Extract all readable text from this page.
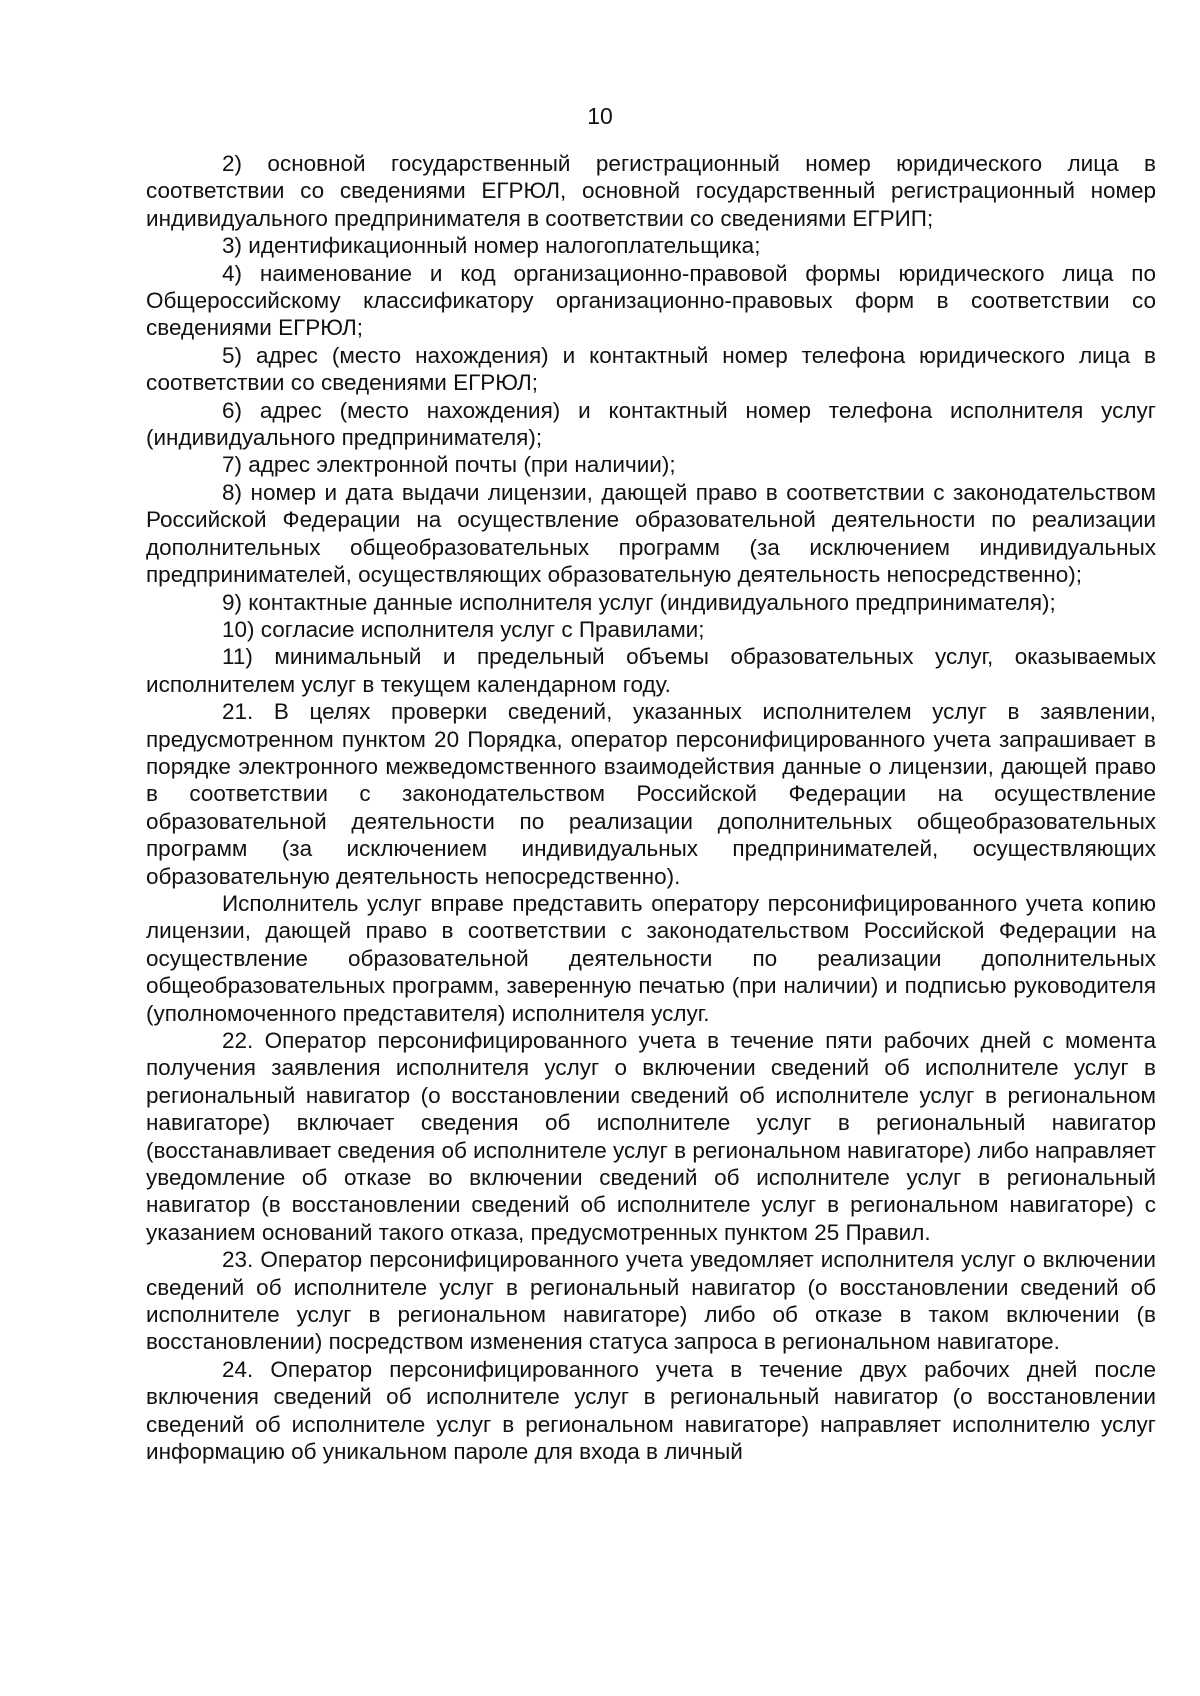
10

2) основной государственный регистрационный номер юридического лица в соответствии со сведениями ЕГРЮЛ, основной государственный регистрационный номер индивидуального предпринимателя в соответствии со сведениями ЕГРИП;

3) идентификационный номер налогоплательщика;

4) наименование и код организационно-правовой формы юридического лица по Общероссийскому классификатору организационно-правовых форм в соответствии со сведениями ЕГРЮЛ;

5) адрес (место нахождения) и контактный номер телефона юридического лица в соответствии со сведениями ЕГРЮЛ;

6) адрес (место нахождения) и контактный номер телефона исполнителя услуг (индивидуального предпринимателя);

7) адрес электронной почты (при наличии);

8) номер и дата выдачи лицензии, дающей право в соответствии с законодательством Российской Федерации на осуществление образовательной деятельности по реализации дополнительных общеобразовательных программ (за исключением индивидуальных предпринимателей, осуществляющих образовательную деятельность непосредственно);

9) контактные данные исполнителя услуг (индивидуального предпринимателя);

10) согласие исполнителя услуг с Правилами;

11) минимальный и предельный объемы образовательных услуг, оказываемых исполнителем услуг в текущем календарном году.

21. В целях проверки сведений, указанных исполнителем услуг в заявлении, предусмотренном пунктом 20 Порядка, оператор персонифицированного учета запрашивает в порядке электронного межведомственного взаимодействия данные о лицензии, дающей право в соответствии с законодательством Российской Федерации на осуществление образовательной деятельности по реализации дополнительных общеобразовательных программ (за исключением индивидуальных предпринимателей, осуществляющих образовательную деятельность непосредственно).

Исполнитель услуг вправе представить оператору персонифицированного учета копию лицензии, дающей право в соответствии с законодательством Российской Федерации на осуществление образовательной деятельности по реализации дополнительных общеобразовательных программ, заверенную печатью (при наличии) и подписью руководителя (уполномоченного представителя) исполнителя услуг.

22. Оператор персонифицированного учета в течение пяти рабочих дней с момента получения заявления исполнителя услуг о включении сведений об исполнителе услуг в региональный навигатор (о восстановлении сведений об исполнителе услуг в региональном навигаторе) включает сведения об исполнителе услуг в региональный навигатор (восстанавливает сведения об исполнителе услуг в региональном навигаторе) либо направляет уведомление об отказе во включении сведений об исполнителе услуг в региональный навигатор (в восстановлении сведений об исполнителе услуг в региональном навигаторе) с указанием оснований такого отказа, предусмотренных пунктом 25 Правил.

23. Оператор персонифицированного учета уведомляет исполнителя услуг о включении сведений об исполнителе услуг в региональный навигатор (о восстановлении сведений об исполнителе услуг в региональном навигаторе) либо об отказе в таком включении (в восстановлении) посредством изменения статуса запроса в региональном навигаторе.

24. Оператор персонифицированного учета в течение двух рабочих дней после включения сведений об исполнителе услуг в региональный навигатор (о восстановлении сведений об исполнителе услуг в региональном навигаторе) направляет исполнителю услуг информацию об уникальном пароле для входа в личный
